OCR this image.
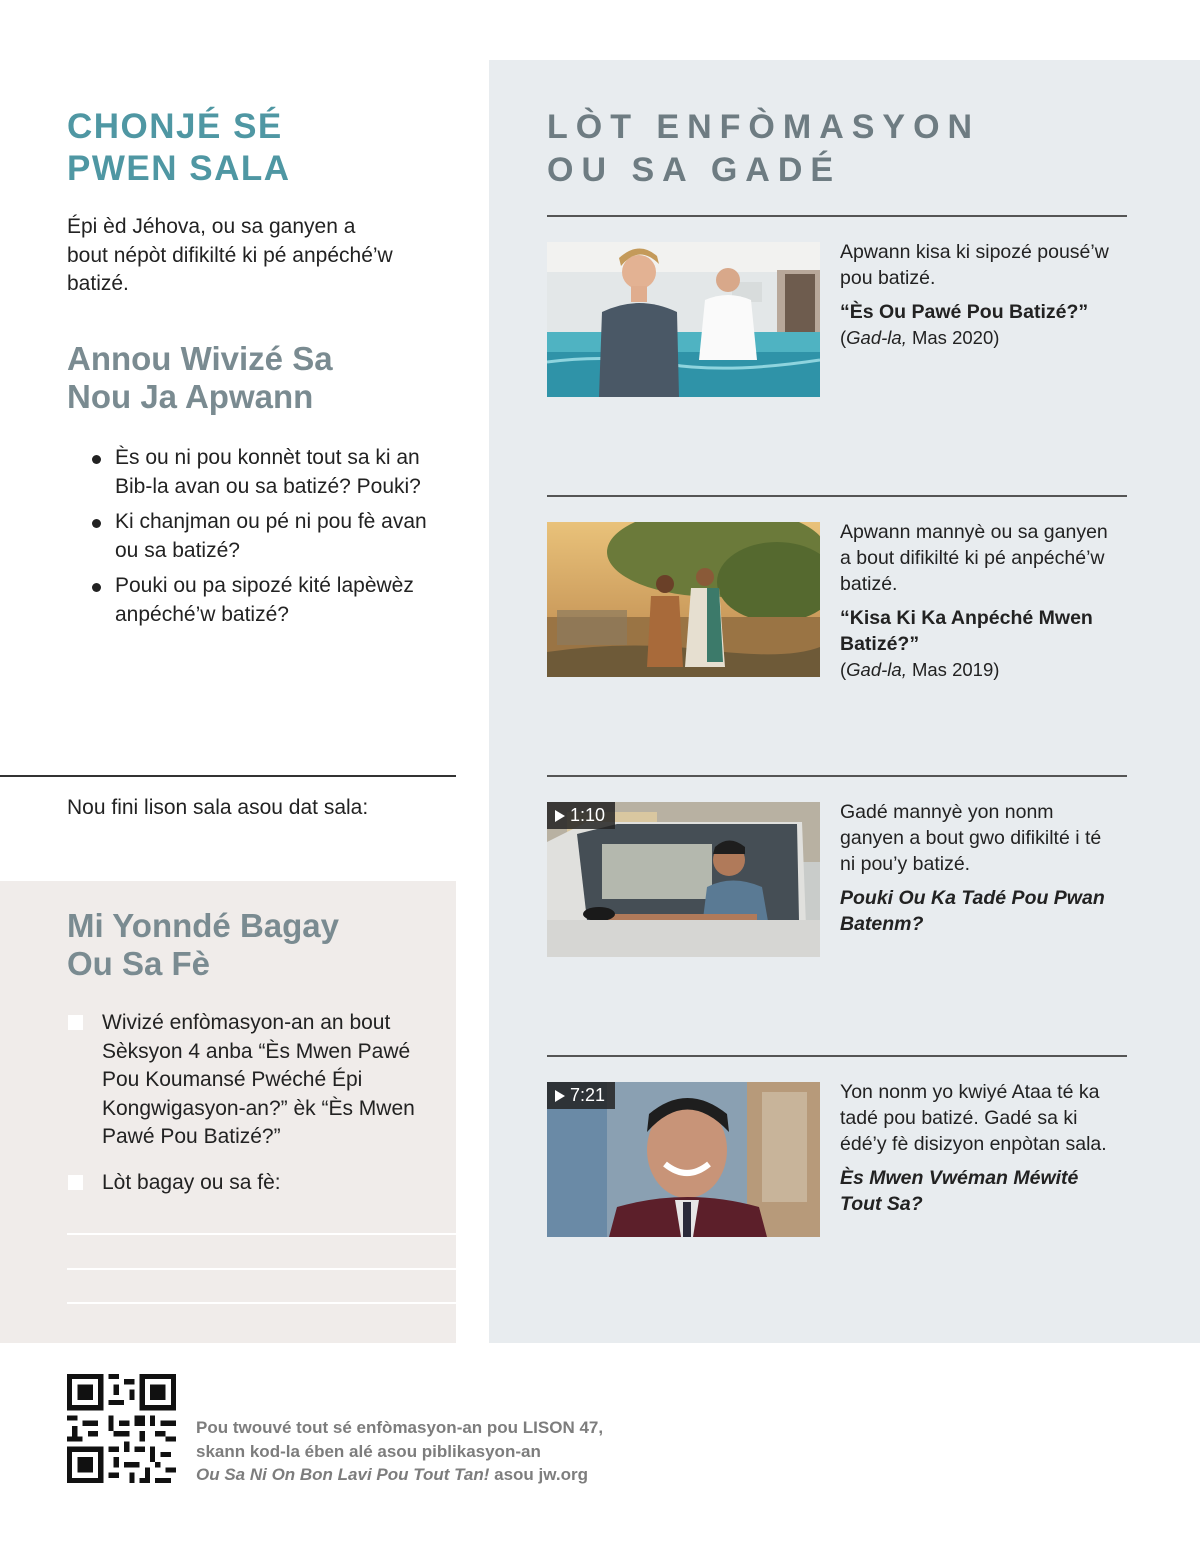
CHONJÉ SÉ
PWEN SALA

Épi èd Jéhova, ou sa ganyen a bout népòt difikilté ki pé anpéché’w batizé.

Annou Wivizé Sa
Nou Ja Apwann
Ès ou ni pou konnèt tout sa ki an Bib-la avan ou sa batizé? Pouki?
Ki chanjman ou pé ni pou fè avan ou sa batizé?
Pouki ou pa sipozé kité lapèwèz anpéché’w batizé?

Nou fini lison sala asou dat sala:

Mi Yonndé Bagay
Ou Sa Fè
Wivizé enfòmasyon-an an bout Sèksyon 4 anba “Ès Mwen Pawé Pou Koumansé Pwéché Épi Kongwigasyon-an?” èk “Ès Mwen Pawé Pou Batizé?”
Lòt bagay ou sa fè:
LÒT ENFÒMASYON
OU SA GADÉ
Apwann kisa ki sipozé pousé’w pou batizé.
“Ès Ou Pawé Pou Batizé?”
(Gad-la, Mas 2020)
Apwann mannyè ou sa ganyen a bout difikilté ki pé anpéché’w batizé.
“Kisa Ki Ka Anpéché Mwen Batizé?”
(Gad-la, Mas 2019)
1:10	Gadé mannyè yon nonm ganyen a bout gwo difikilté i té ni pou’y batizé.
Pouki Ou Ka Tadé Pou Pwan Batenm?
7:21	Yon nonm yo kwiyé Ataa té ka tadé pou batizé. Gadé sa ki édé’y fè disizyon enpòtan sala.
Ès Mwen Vwéman Méwité Tout Sa?
Pou twouvé tout sé enfòmasyon-an pou LISON 47,
skann kod-la ében alé asou piblikasyon-an
Ou Sa Ni On Bon Lavi Pou Tout Tan! asou jw.org
